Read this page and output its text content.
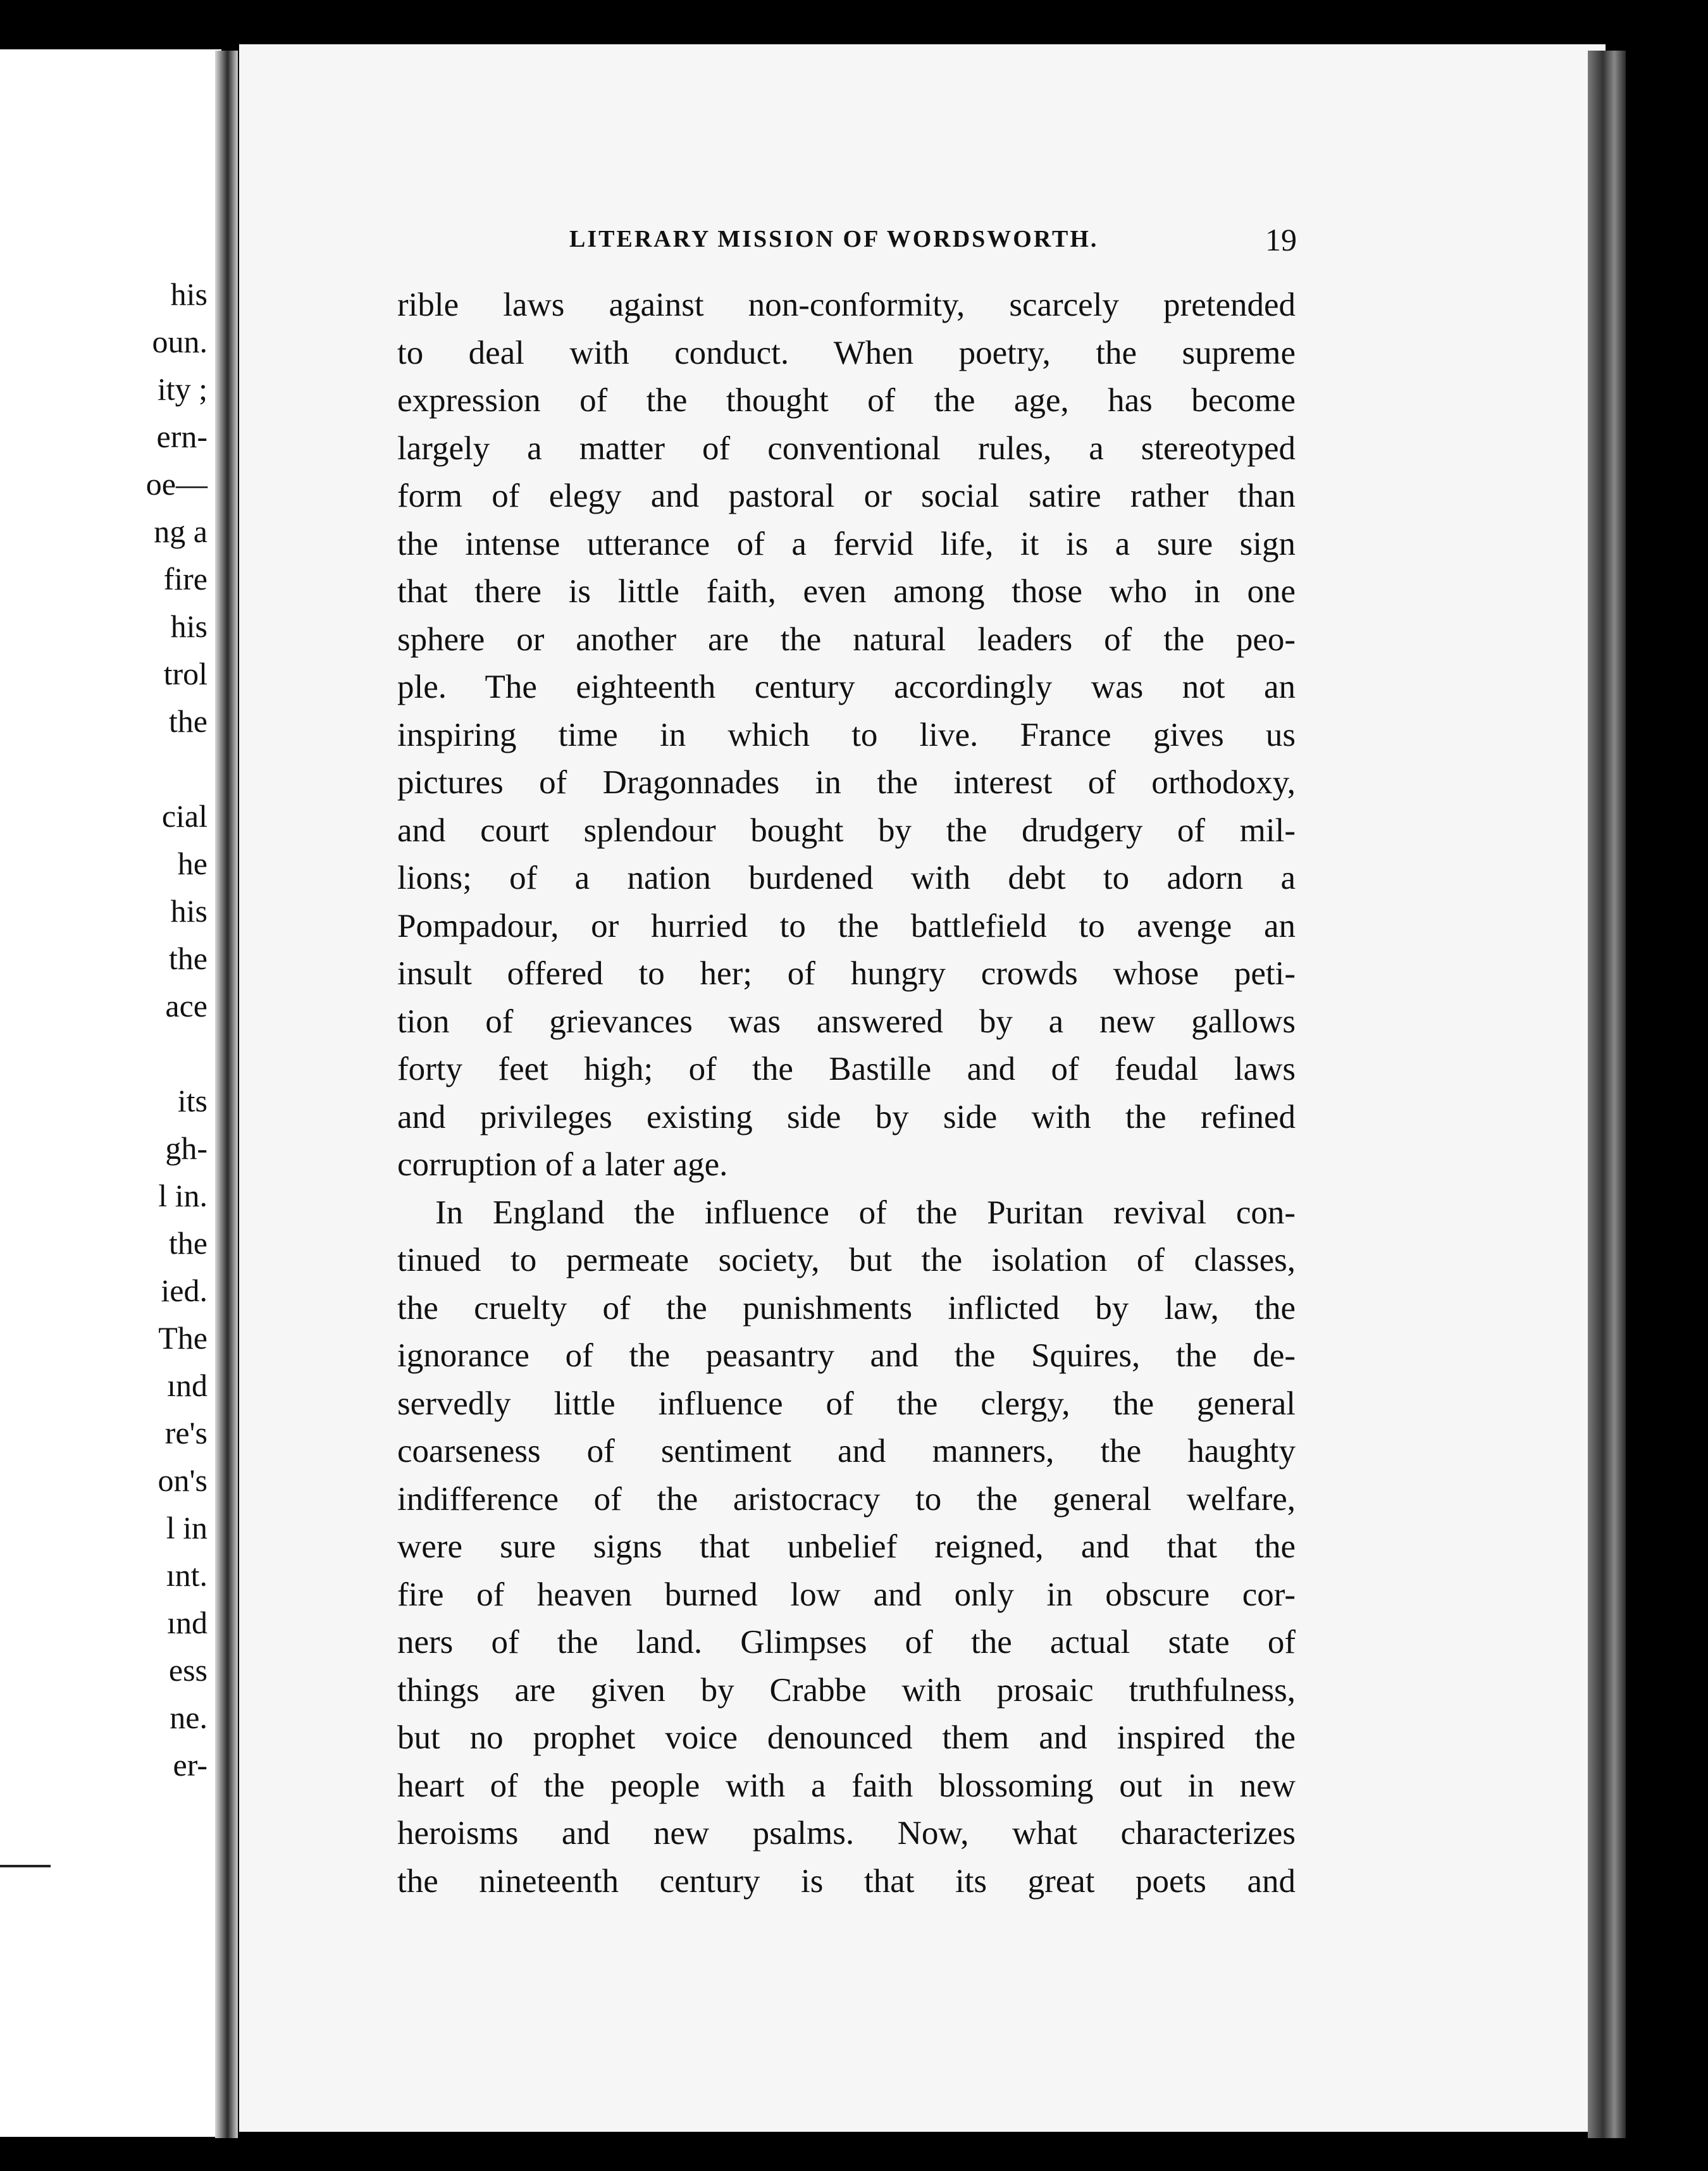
his
oun.
ity ;
ern-
oe—
ng a
fire
his
trol
the
cial
he
his
the
ace
its
gh-
l in.
the
ied.
The
ınd
re's
on's
l in
ınt.
ınd
ess
ne.
er-
LITERARY MISSION OF WORDSWORTH.	19
rible laws against non-conformity, scarcely pretended
to deal with conduct. When poetry, the supreme
expression of the thought of the age, has become
largely a matter of conventional rules, a stereotyped
form of elegy and pastoral or social satire rather than
the intense utterance of a fervid life, it is a sure sign
that there is little faith, even among those who in one
sphere or another are the natural leaders of the peo-
ple. The eighteenth century accordingly was not an
inspiring time in which to live. France gives us
pictures of Dragonnades in the interest of orthodoxy,
and court splendour bought by the drudgery of mil-
lions; of a nation burdened with debt to adorn a
Pompadour, or hurried to the battlefield to avenge an
insult offered to her; of hungry crowds whose peti-
tion of grievances was answered by a new gallows
forty feet high; of the Bastille and of feudal laws
and privileges existing side by side with the refined
corruption of a later age.
In England the influence of the Puritan revival con-
tinued to permeate society, but the isolation of classes,
the cruelty of the punishments inflicted by law, the
ignorance of the peasantry and the Squires, the de-
servedly little influence of the clergy, the general
coarseness of sentiment and manners, the haughty
indifference of the aristocracy to the general welfare,
were sure signs that unbelief reigned, and that the
fire of heaven burned low and only in obscure cor-
ners of the land. Glimpses of the actual state of
things are given by Crabbe with prosaic truthfulness,
but no prophet voice denounced them and inspired the
heart of the people with a faith blossoming out in new
heroisms and new psalms. Now, what characterizes
the nineteenth century is that its great poets and
